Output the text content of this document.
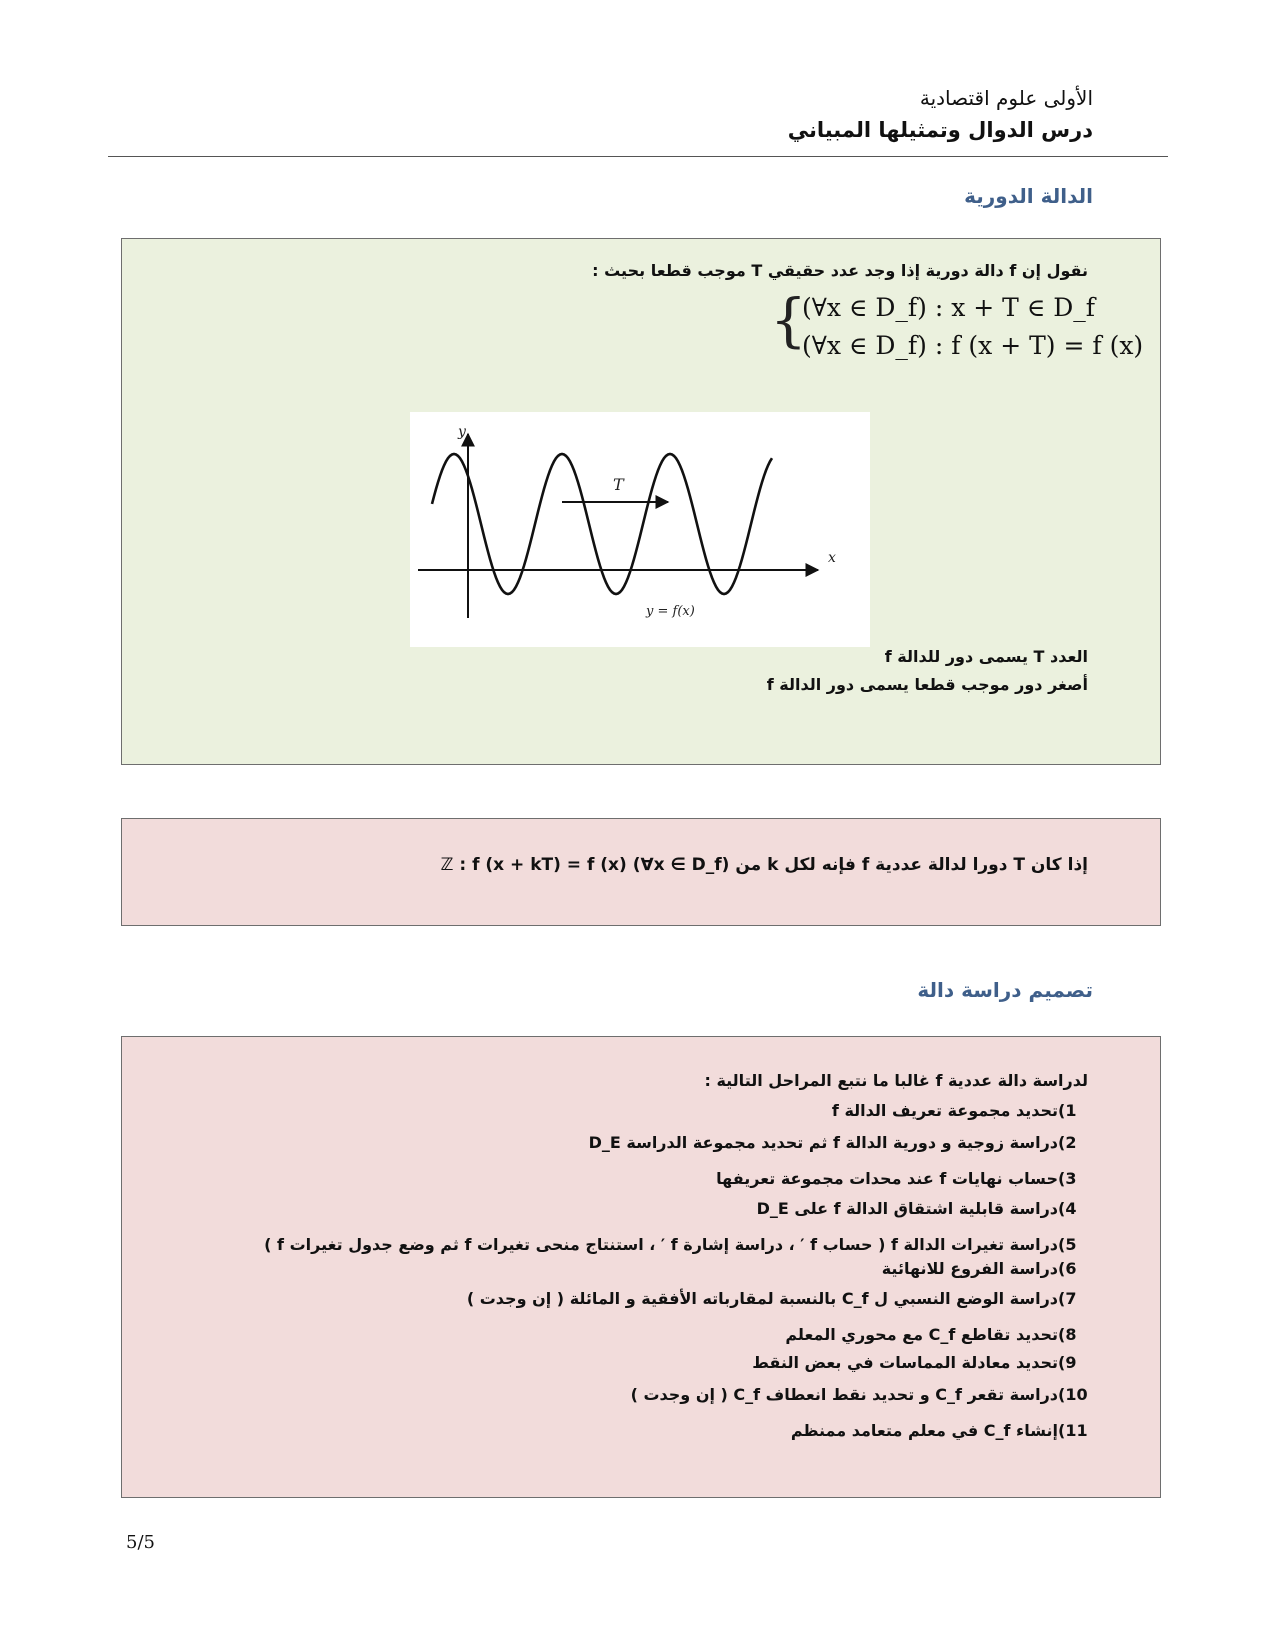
الأولى علوم اقتصادية
درس الدوال وتمثيلها المبياني
الدالة الدورية
نقول إن f دالة دورية إذا وجد عدد حقيقي T موجب قطعا بحيث :
{
(∀x ∈ D_f) : x + T ∈ D_f
(∀x ∈ D_f) : f (x + T) = f (x)
العدد T يسمى دور للدالة f
أصغر دور موجب قطعا يسمى دور الدالة f
y
x
T
y = f(x)
إذا كان T دورا لدالة عددية f فإنه لكل k من ℤ : f (x + kT) = f (x) (∀x ∈ D_f)
تصميم دراسة دالة
لدراسة دالة عددية f غالبا ما نتبع المراحل التالية :
1)تحديد مجموعة تعريف الدالة f
2)دراسة زوجية و دورية الدالة f ثم تحديد مجموعة الدراسة D_E
3)حساب نهايات f عند محدات مجموعة تعريفها
4)دراسة قابلية اشتقاق الدالة f على D_E
5)دراسة تغيرات الدالة f ( حساب f ′ ، دراسة إشارة f ′ ، استنتاج منحى تغيرات f ثم وضع جدول تغيرات f )
6)دراسة الفروع للانهائية
7)دراسة الوضع النسبي ل C_f بالنسبة لمقارباته الأفقية و المائلة ( إن وجدت )
8)تحديد تقاطع C_f مع محوري المعلم
9)تحديد معادلة المماسات في بعض النقط
10)دراسة تقعر C_f و تحديد نقط انعطاف C_f ( إن وجدت )
11)إنشاء C_f في معلم متعامد ممنظم
5/5
